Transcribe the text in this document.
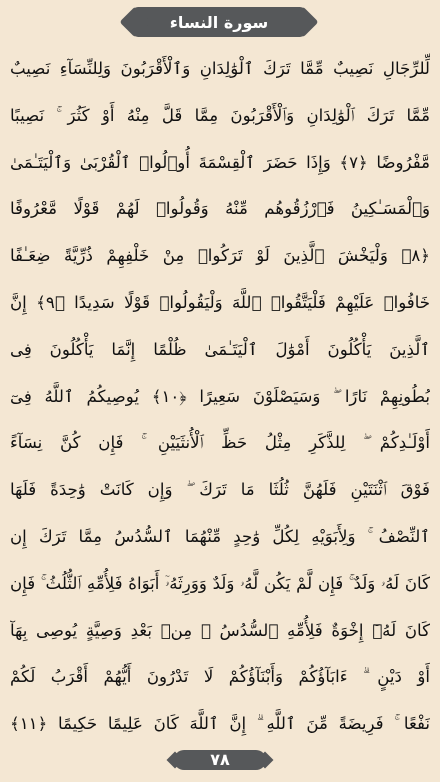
سورة النساء
لِّلرِّجَالِ نَصِيبٌ مِّمَّا تَرَكَ ٱلْوَٰلِدَانِ وَٱلْأَقْرَبُونَ وَلِلنِّسَآءِ نَصِيبٌ
مِّمَّا تَرَكَ ٱلْوَٰلِدَانِ وَٱلْأَقْرَبُونَ مِمَّا قَلَّ مِنْهُ أَوْ كَثُرَ ۚ نَصِيبًا
مَّفْرُوضًا ﴿٧﴾ وَإِذَا حَضَرَ ٱلْقِسْمَةَ أُو۟لُوا۟ ٱلْقُرْبَىٰ وَٱلْيَتَـٰمَىٰ
وَٱلْمَسَـٰكِينُ فَٱرْزُقُوهُم مِّنْهُ وَقُولُوا۟ لَهُمْ قَوْلًا مَّعْرُوفًا
﴿٨﴾ وَلْيَخْشَ ٱلَّذِينَ لَوْ تَرَكُوا۟ مِنْ خَلْفِهِمْ ذُرِّيَّةً ضِعَـٰفًا
خَافُوا۟ عَلَيْهِمْ فَلْيَتَّقُوا۟ ٱللَّهَ وَلْيَقُولُوا۟ قَوْلًا سَدِيدًا ﴿٩﴾ إِنَّ
ٱلَّذِينَ يَأْكُلُونَ أَمْوَٰلَ ٱلْيَتَـٰمَىٰ ظُلْمًا إِنَّمَا يَأْكُلُونَ فِى
بُطُونِهِمْ نَارًا ۖ وَسَيَصْلَوْنَ سَعِيرًا ﴿١٠﴾ يُوصِيكُمُ ٱللَّهُ فِىٓ
أَوْلَـٰدِكُمْ ۖ لِلذَّكَرِ مِثْلُ حَظِّ ٱلْأُنثَيَيْنِ ۚ فَإِن كُنَّ نِسَآءً
فَوْقَ ٱثْنَتَيْنِ فَلَهُنَّ ثُلُثَا مَا تَرَكَ ۖ وَإِن كَانَتْ وَٰحِدَةً فَلَهَا
ٱلنِّصْفُ ۚ وَلِأَبَوَيْهِ لِكُلِّ وَٰحِدٍ مِّنْهُمَا ٱلسُّدُسُ مِمَّا تَرَكَ إِن
كَانَ لَهُۥ وَلَدٌ ۚ فَإِن لَّمْ يَكُن لَّهُۥ وَلَدٌ وَوَرِثَهُۥٓ أَبَوَاهُ فَلِأُمِّهِ ٱلثُّلُثُ ۚ فَإِن
كَانَ لَهُۥٓ إِخْوَةٌ فَلِأُمِّهِ ٱلسُّدُسُ ۚ مِنۢ بَعْدِ وَصِيَّةٍ يُوصِى بِهَآ
أَوْ دَيْنٍ ۗ ءَابَآؤُكُمْ وَأَبْنَآؤُكُمْ لَا تَدْرُونَ أَيُّهُمْ أَقْرَبُ لَكُمْ
نَفْعًا ۚ فَرِيضَةً مِّنَ ٱللَّهِ ۗ إِنَّ ٱللَّهَ كَانَ عَلِيمًا حَكِيمًا ﴿١١﴾
٧٨
